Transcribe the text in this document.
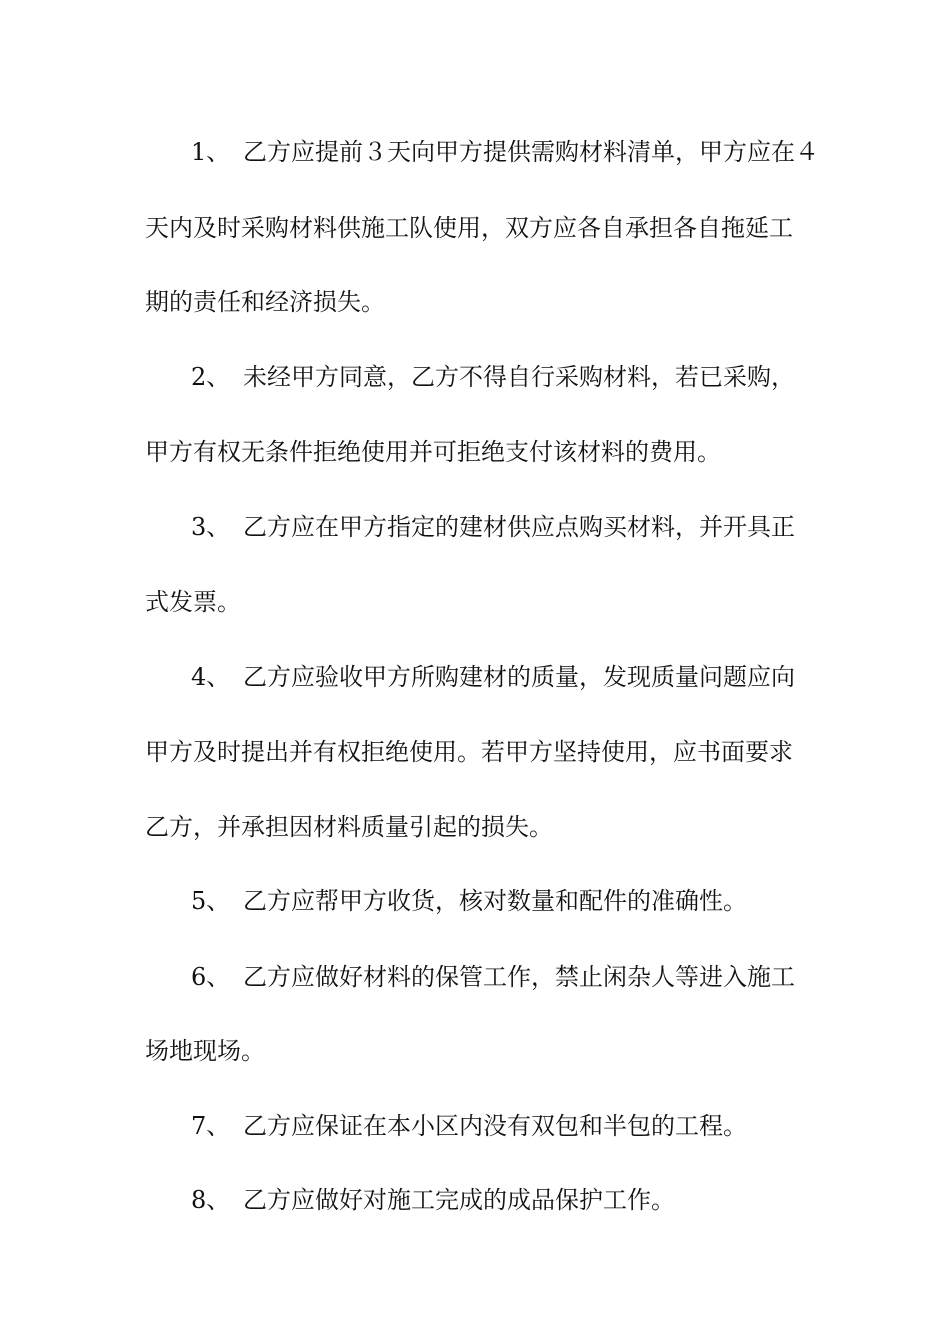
1、 乙方应提前３天向甲方提供需购材料清单，甲方应在４
天内及时采购材料供施工队使用，双方应各自承担各自拖延工
期的责任和经济损失。
2、 未经甲方同意，乙方不得自行采购材料，若已采购，
甲方有权无条件拒绝使用并可拒绝支付该材料的费用。
3、 乙方应在甲方指定的建材供应点购买材料，并开具正
式发票。
4、 乙方应验收甲方所购建材的质量，发现质量问题应向
甲方及时提出并有权拒绝使用。若甲方坚持使用，应书面要求
乙方，并承担因材料质量引起的损失。
5、 乙方应帮甲方收货，核对数量和配件的准确性。
6、 乙方应做好材料的保管工作，禁止闲杂人等进入施工
场地现场。
7、 乙方应保证在本小区内没有双包和半包的工程。
8、 乙方应做好对施工完成的成品保护工作。
